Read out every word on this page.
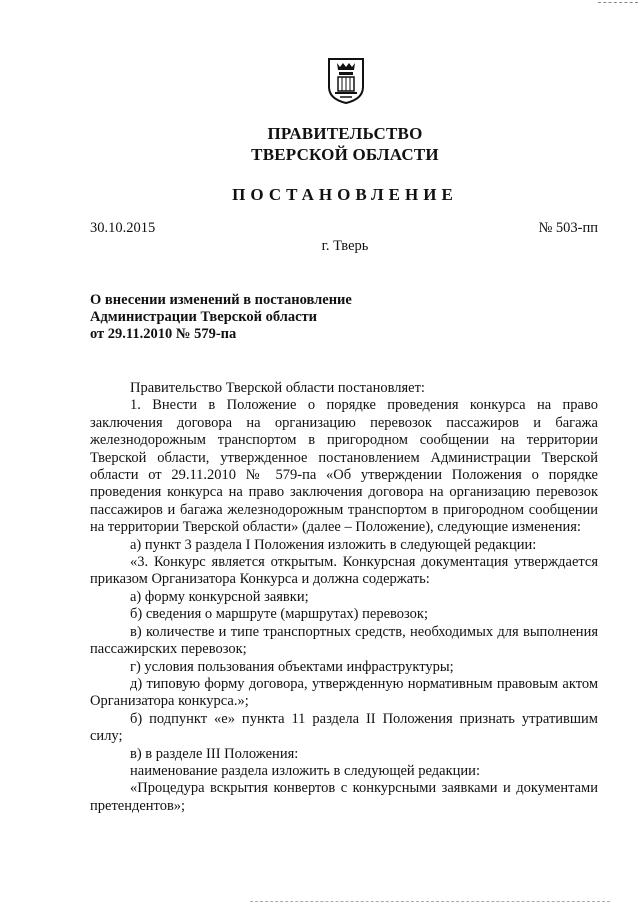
ПРАВИТЕЛЬСТВО
ТВЕРСКОЙ ОБЛАСТИ
ПОСТАНОВЛЕНИЕ
30.10.2015	№ 503-пп
г. Тверь
О внесении изменений в постановление
Администрации Тверской области
от 29.11.2010 № 579-па

Правительство Тверской области постановляет:

1. Внести в Положение о порядке проведения конкурса на право заключения договора на организацию перевозок пассажиров и багажа железнодорожным транспортом в пригородном сообщении на территории Тверской области, утвержденное постановлением Администрации Тверской области от 29.11.2010 № 579-па «Об утверждении Положения о порядке проведения конкурса на право заключения договора на организацию перевозок пассажиров и багажа железнодорожным транспортом в пригородном сообщении на территории Тверской области» (далее – Положение), следующие изменения:

а) пункт 3 раздела I Положения изложить в следующей редакции:

«3. Конкурс является открытым. Конкурсная документация утверждается приказом Организатора Конкурса и должна содержать:

а) форму конкурсной заявки;

б) сведения о маршруте (маршрутах) перевозок;

в) количестве и типе транспортных средств, необходимых для выполнения пассажирских перевозок;

г) условия пользования объектами инфраструктуры;

д) типовую форму договора, утвержденную нормативным правовым актом Организатора конкурса.»;

б) подпункт «е» пункта 11 раздела II Положения признать утратившим силу;

в) в разделе III Положения:

наименование раздела изложить в следующей редакции:

«Процедура вскрытия конвертов с конкурсными заявками и документами претендентов»;
